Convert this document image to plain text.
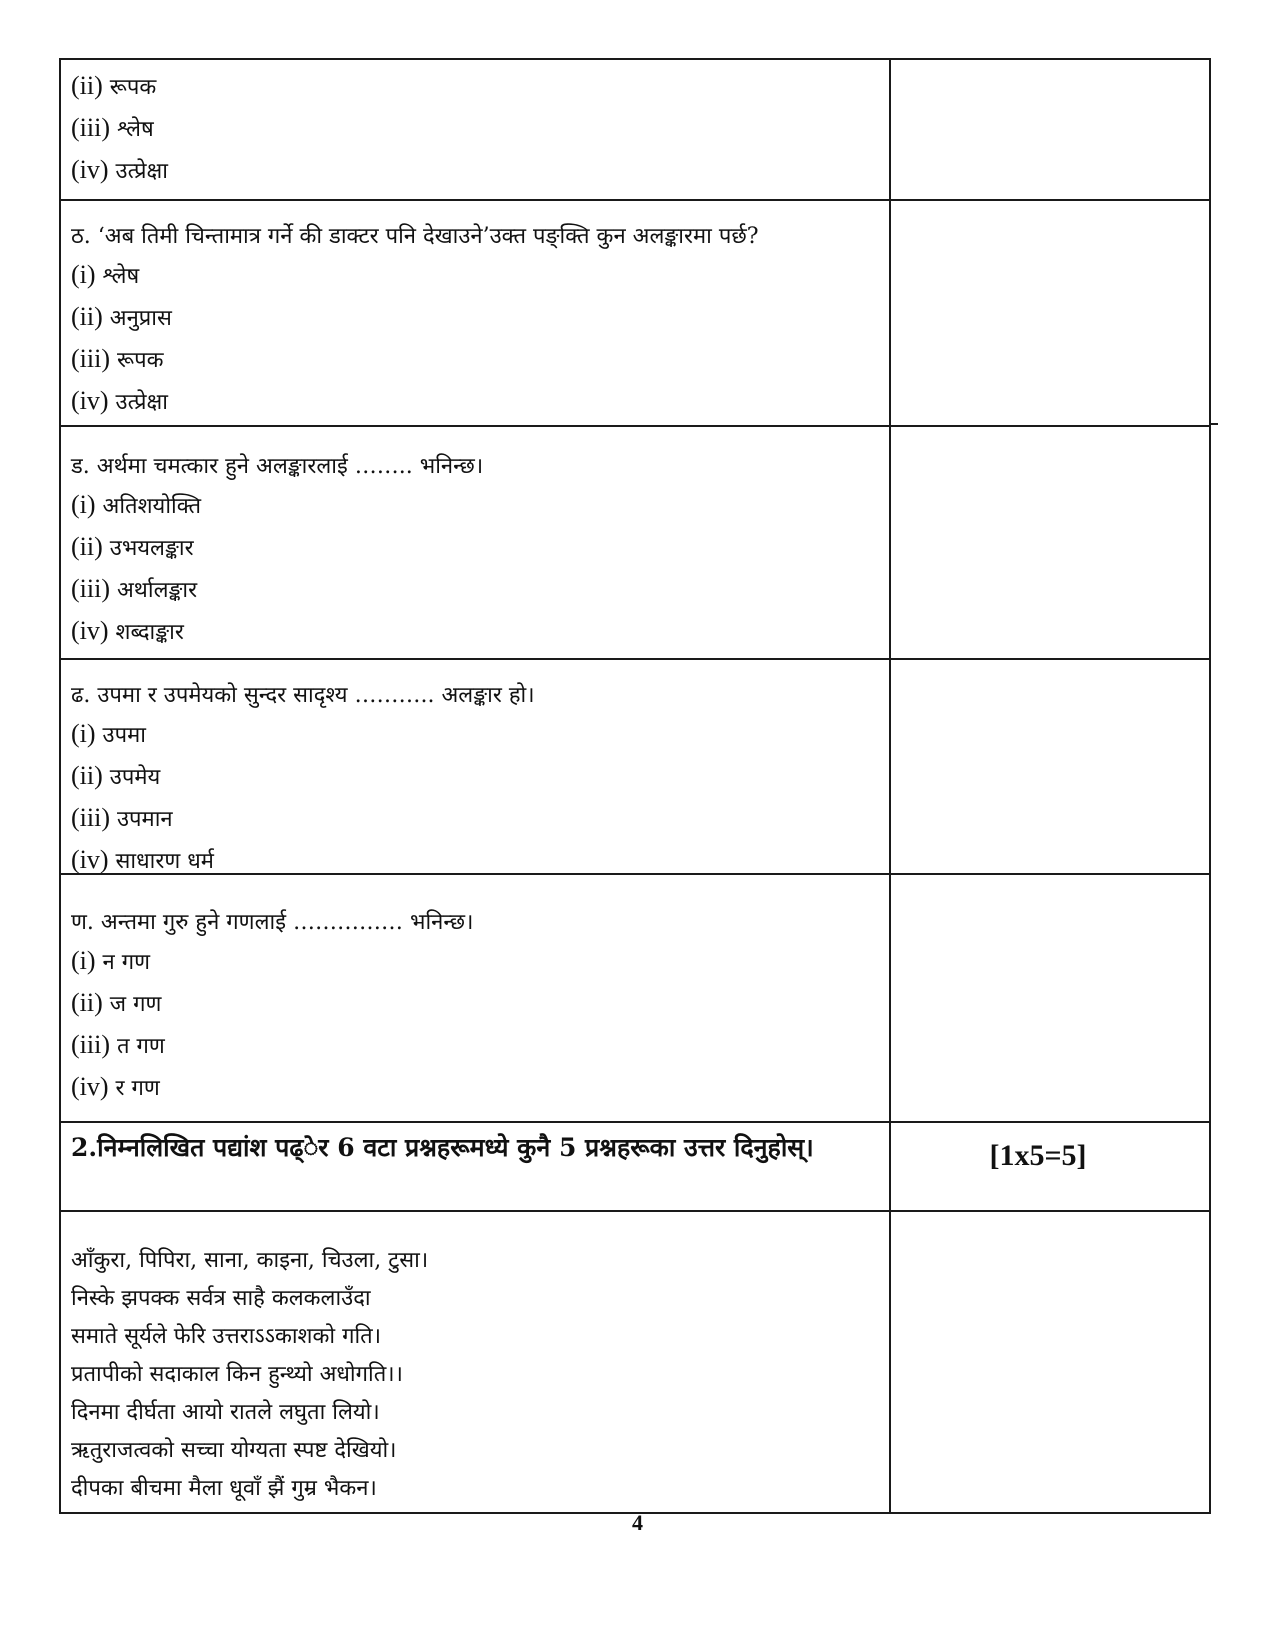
(ii) रूपक
(iii) श्लेष
(iv) उत्प्रेक्षा
ठ. ‘अब तिमी चिन्तामात्र गर्ने की डाक्टर पनि देखाउने’उक्त पङ्क्ति कुन अलङ्कारमा पर्छ?
(i) श्लेष
(ii) अनुप्रास
(iii) रूपक
(iv) उत्प्रेक्षा
ड. अर्थमा चमत्कार हुने अलङ्कारलाई …….. भनिन्छ।
(i) अतिशयोक्ति
(ii) उभयलङ्कार
(iii) अर्थालङ्कार
(iv) शब्दाङ्कार
ढ. उपमा र उपमेयको सुन्दर सादृश्य ……….. अलङ्कार हो।
(i) उपमा
(ii) उपमेय
(iii) उपमान
(iv) साधारण धर्म
ण. अन्तमा गुरु हुने गणलाई …………… भनिन्छ।
(i) न गण
(ii) ज गण
(iii) त गण
(iv) र गण
2.निम्नलिखित पद्यांश पढ्ेर 6 वटा प्रश्नहरूमध्ये कुनै 5 प्रश्नहरूका उत्तर दिनुहोस्।	[1x5=5]
आँकुरा, पिपिरा, साना, काइना, चिउला, टुसा।
निस्के झपक्क सर्वत्र साहै कलकलाउँदा
समाते सूर्यले फेरि उत्तराऽऽकाशको गति।
प्रतापीको सदाकाल किन हुन्थ्यो अधोगति।।
दिनमा दीर्घता आयो रातले लघुता लियो।
ऋतुराजत्वको सच्चा योग्यता स्पष्ट देखियो।
दीपका बीचमा मैला धूवाँ झैं गुम्र भैकन।
4
